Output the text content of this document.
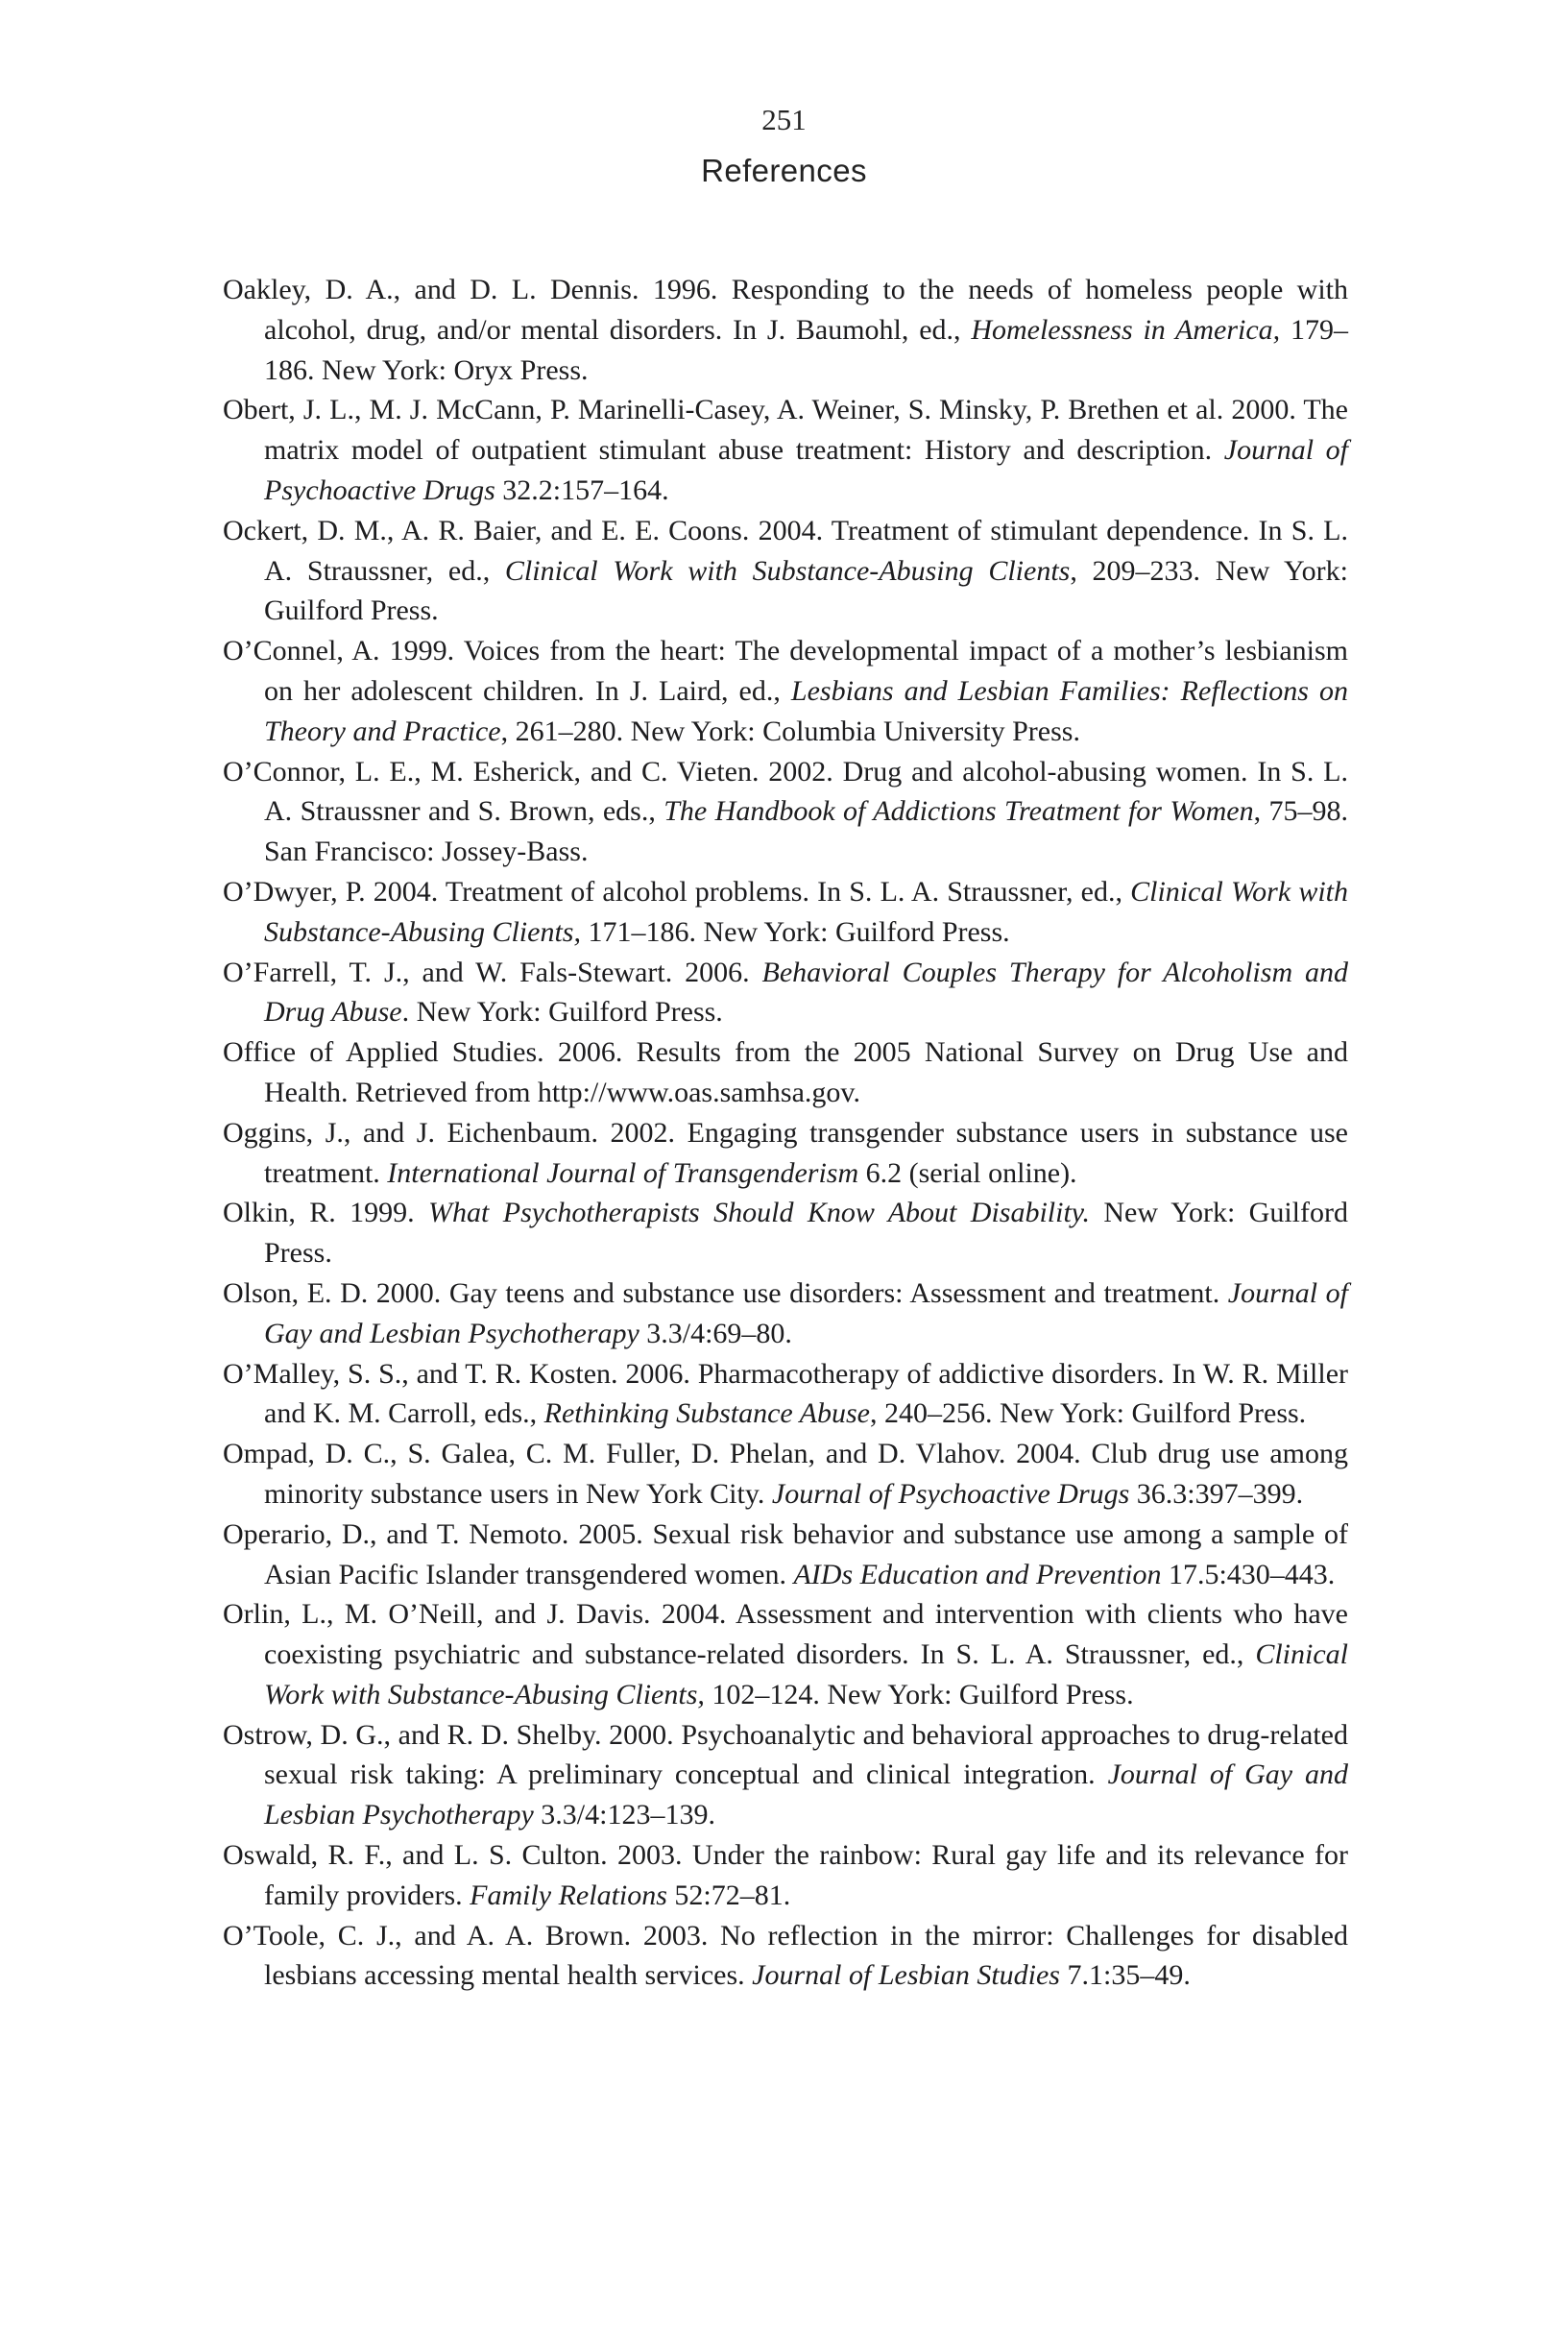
251
References

Oakley, D. A., and D. L. Dennis. 1996. Responding to the needs of homeless people with alcohol, drug, and/or mental disorders. In J. Baumohl, ed., Homelessness in America, 179–186. New York: Oryx Press.

Obert, J. L., M. J. McCann, P. Marinelli-Casey, A. Weiner, S. Minsky, P. Brethen et al. 2000. The matrix model of outpatient stimulant abuse treatment: History and description. Journal of Psychoactive Drugs 32.2:157–164.

Ockert, D. M., A. R. Baier, and E. E. Coons. 2004. Treatment of stimulant dependence. In S. L. A. Straussner, ed., Clinical Work with Substance-Abusing Clients, 209–233. New York: Guilford Press.

O’Connel, A. 1999. Voices from the heart: The developmental impact of a mother’s lesbianism on her adolescent children. In J. Laird, ed., Lesbians and Lesbian Families: Reflections on Theory and Practice, 261–280. New York: Columbia University Press.

O’Connor, L. E., M. Esherick, and C. Vieten. 2002. Drug and alcohol-abusing women. In S. L. A. Straussner and S. Brown, eds., The Handbook of Addictions Treatment for Women, 75–98. San Francisco: Jossey-Bass.

O’Dwyer, P. 2004. Treatment of alcohol problems. In S. L. A. Straussner, ed., Clinical Work with Substance-Abusing Clients, 171–186. New York: Guilford Press.

O’Farrell, T. J., and W. Fals-Stewart. 2006. Behavioral Couples Therapy for Alcoholism and Drug Abuse. New York: Guilford Press.

Office of Applied Studies. 2006. Results from the 2005 National Survey on Drug Use and Health. Retrieved from http://www.oas.samhsa.gov.

Oggins, J., and J. Eichenbaum. 2002. Engaging transgender substance users in substance use treatment. International Journal of Transgenderism 6.2 (serial online).

Olkin, R. 1999. What Psychotherapists Should Know About Disability. New York: Guilford Press.

Olson, E. D. 2000. Gay teens and substance use disorders: Assessment and treatment. Journal of Gay and Lesbian Psychotherapy 3.3/4:69–80.

O’Malley, S. S., and T. R. Kosten. 2006. Pharmacotherapy of addictive disorders. In W. R. Miller and K. M. Carroll, eds., Rethinking Substance Abuse, 240–256. New York: Guilford Press.

Ompad, D. C., S. Galea, C. M. Fuller, D. Phelan, and D. Vlahov. 2004. Club drug use among minority substance users in New York City. Journal of Psychoactive Drugs 36.3:397–399.

Operario, D., and T. Nemoto. 2005. Sexual risk behavior and substance use among a sample of Asian Pacific Islander transgendered women. AIDs Education and Prevention 17.5:430–443.

Orlin, L., M. O’Neill, and J. Davis. 2004. Assessment and intervention with clients who have coexisting psychiatric and substance-related disorders. In S. L. A. Straussner, ed., Clinical Work with Substance-Abusing Clients, 102–124. New York: Guilford Press.

Ostrow, D. G., and R. D. Shelby. 2000. Psychoanalytic and behavioral approaches to drug-related sexual risk taking: A preliminary conceptual and clinical integration. Journal of Gay and Lesbian Psychotherapy 3.3/4:123–139.

Oswald, R. F., and L. S. Culton. 2003. Under the rainbow: Rural gay life and its relevance for family providers. Family Relations 52:72–81.

O’Toole, C. J., and A. A. Brown. 2003. No reflection in the mirror: Challenges for disabled lesbians accessing mental health services. Journal of Lesbian Studies 7.1:35–49.
